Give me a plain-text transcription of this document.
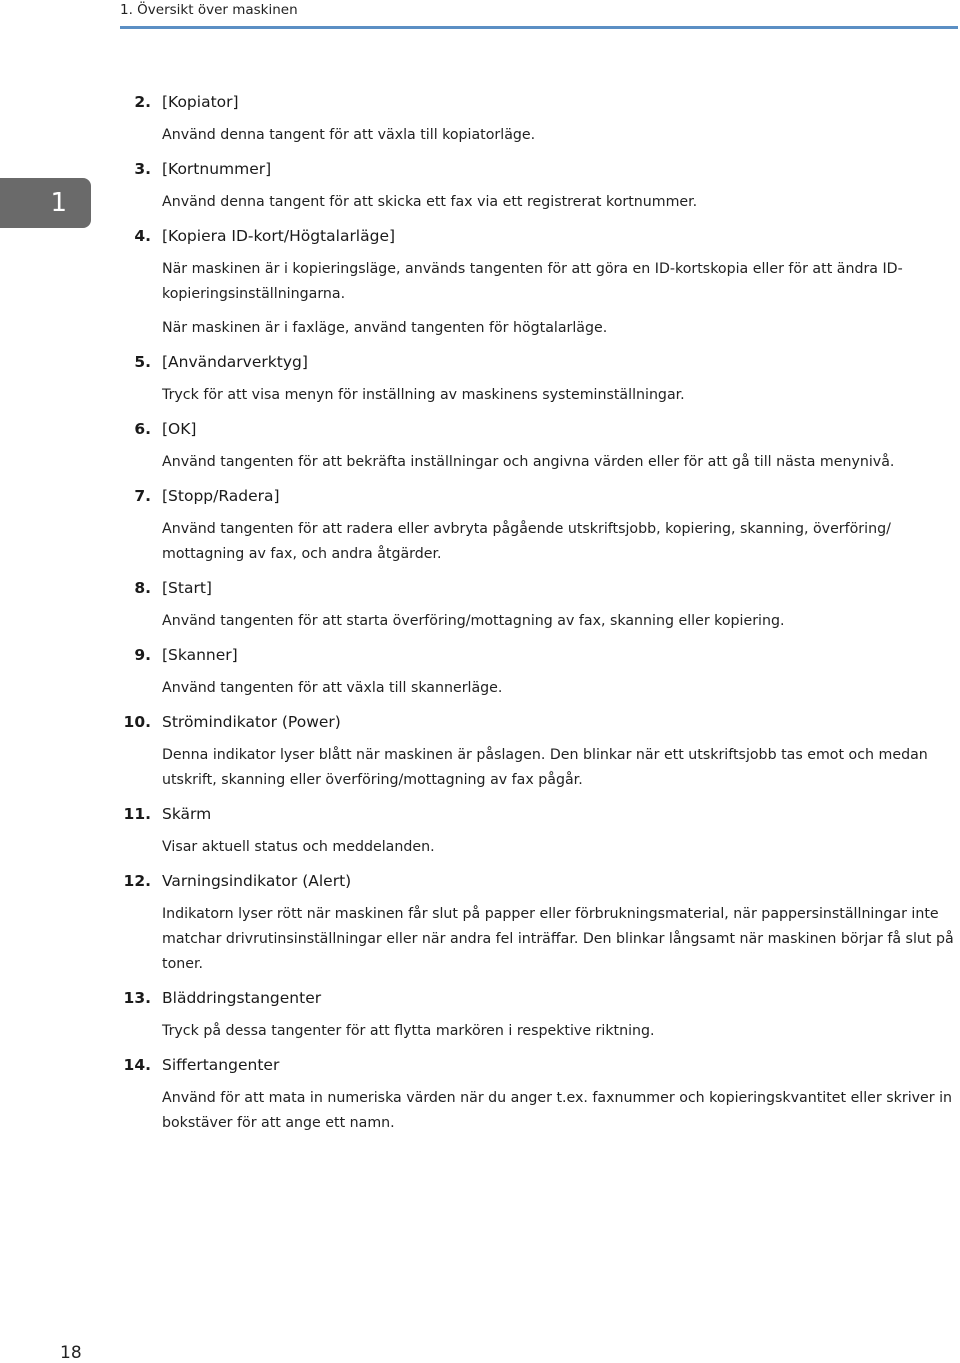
1. Översikt över maskinen
1
2. [Kopiator]

Använd denna tangent för att växla till kopiatorläge.

3. [Kortnummer]

Använd denna tangent för att skicka ett fax via ett registrerat kortnummer.

4. [Kopiera ID-kort/Högtalarläge]

När maskinen är i kopieringsläge, används tangenten för att göra en ID-kortskopia eller för att ändra ID-kopieringsinställningarna.

När maskinen är i faxläge, använd tangenten för högtalarläge.

5. [Användarverktyg]

Tryck för att visa menyn för inställning av maskinens systeminställningar.

6. [OK]

Använd tangenten för att bekräfta inställningar och angivna värden eller för att gå till nästa menynivå.

7. [Stopp/Radera]

Använd tangenten för att radera eller avbryta pågående utskriftsjobb, kopiering, skanning, överföring/ mottagning av fax, och andra åtgärder.

8. [Start]

Använd tangenten för att starta överföring/mottagning av fax, skanning eller kopiering.

9. [Skanner]

Använd tangenten för att växla till skannerläge.

10. Strömindikator (Power)

Denna indikator lyser blått när maskinen är påslagen. Den blinkar när ett utskriftsjobb tas emot och medan utskrift, skanning eller överföring/mottagning av fax pågår.

11. Skärm

Visar aktuell status och meddelanden.

12. Varningsindikator (Alert)

Indikatorn lyser rött när maskinen får slut på papper eller förbrukningsmaterial, när pappersinställningar inte matchar drivrutinsinställningar eller när andra fel inträffar. Den blinkar långsamt när maskinen börjar få slut på toner.

13. Bläddringstangenter

Tryck på dessa tangenter för att flytta markören i respektive riktning.

14. Siffertangenter

Använd för att mata in numeriska värden när du anger t.ex. faxnummer och kopieringskvantitet eller skriver in bokstäver för att ange ett namn.

18
